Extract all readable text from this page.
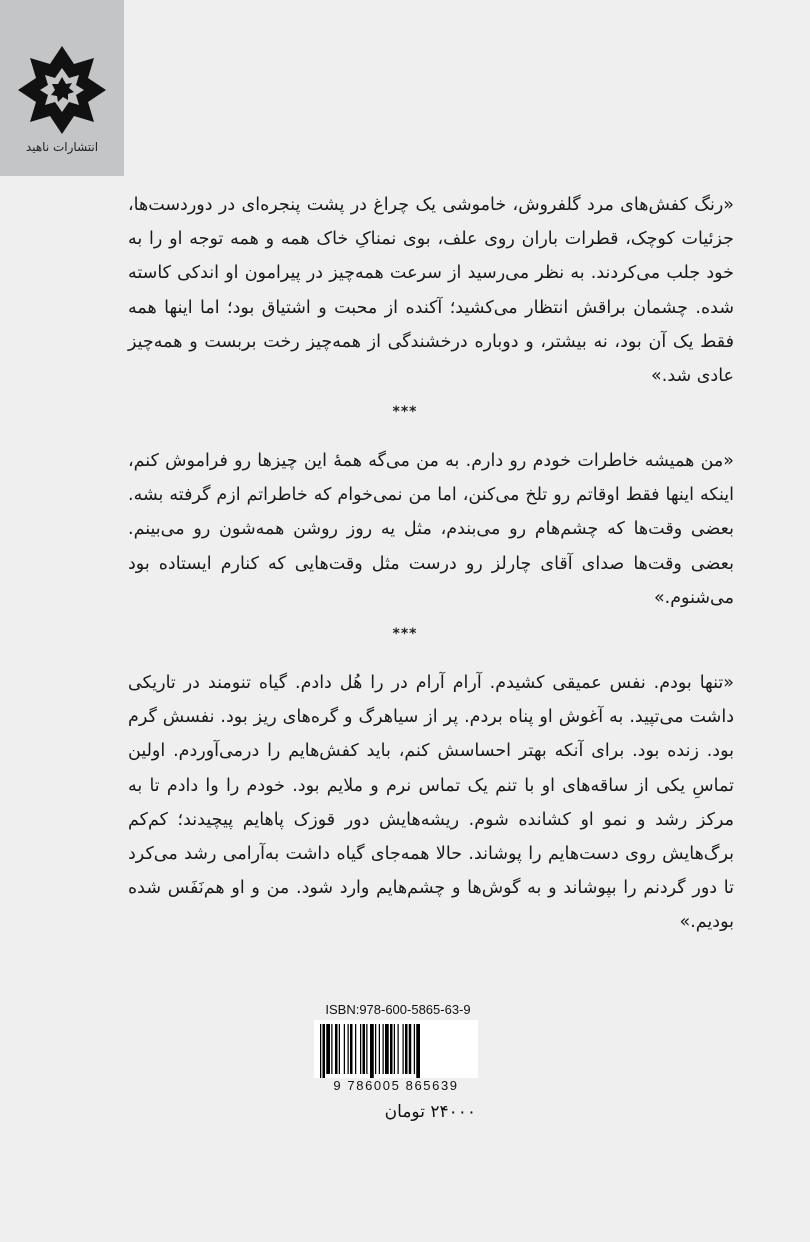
انتشارات ناهید

«رنگ کفش‌های مرد گلفروش، خاموشی یک چراغ در پشت پنجره‌ای در دوردست‌ها، جزئیات کوچک، قطرات باران روی علف، بوی نمناکِ خاک همه و همه توجه او را به خود جلب می‌کردند. به نظر می‌رسید از سرعت همه‌چیز در پیرامون او اندکی کاسته شده. چشمان براقش انتظار می‌کشید؛ آکنده از محبت و اشتیاق بود؛ اما اینها همه فقط یک آن بود، نه بیشتر، و دوباره درخشندگی از همه‌چیز رخت بربست و همه‌چیز عادی شد.»

***

«من همیشه خاطرات خودم رو دارم. به من می‌گه همهٔ این چیزها رو فراموش کنم، اینکه اینها فقط اوقاتم رو تلخ می‌کنن، اما من نمی‌خوام که خاطراتم ازم گرفته بشه. بعضی وقت‌ها که چشم‌هام رو می‌بندم، مثل یه روز روشن همه‌شون رو می‌بینم. بعضی وقت‌ها صدای آقای چارلز رو درست مثل وقت‌هایی که کنارم ایستاده بود می‌شنوم.»

***

«تنها بودم. نفس عمیقی کشیدم. آرام آرام در را هُل دادم. گیاه تنومند در تاریکی داشت می‌تپید. به آغوش او پناه بردم. پر از سیاهرگ و گره‌های ریز بود. نفسش گرم بود. زنده بود. برای آنکه بهتر احساسش کنم، باید کفش‌هایم را درمی‌آوردم. اولین تماسِ یکی از ساقه‌های او با تنم یک تماس نرم و ملایم بود. خودم را وا دادم تا به مرکز رشد و نمو او کشانده شوم. ریشه‌هایش دور قوزک پاهایم پیچیدند؛ کم‌کم برگ‌هایش روی دست‌هایم را پوشاند. حالا همه‌جای گیاه داشت به‌آرامی رشد می‌کرد تا دور گردنم را بپوشاند و به گوش‌ها و چشم‌هایم وارد شود. من و او هم‌نَفَس شده بودیم.»

ISBN:978-600-5865-63-9
9 786005 865639
۲۴۰۰۰ تومان
